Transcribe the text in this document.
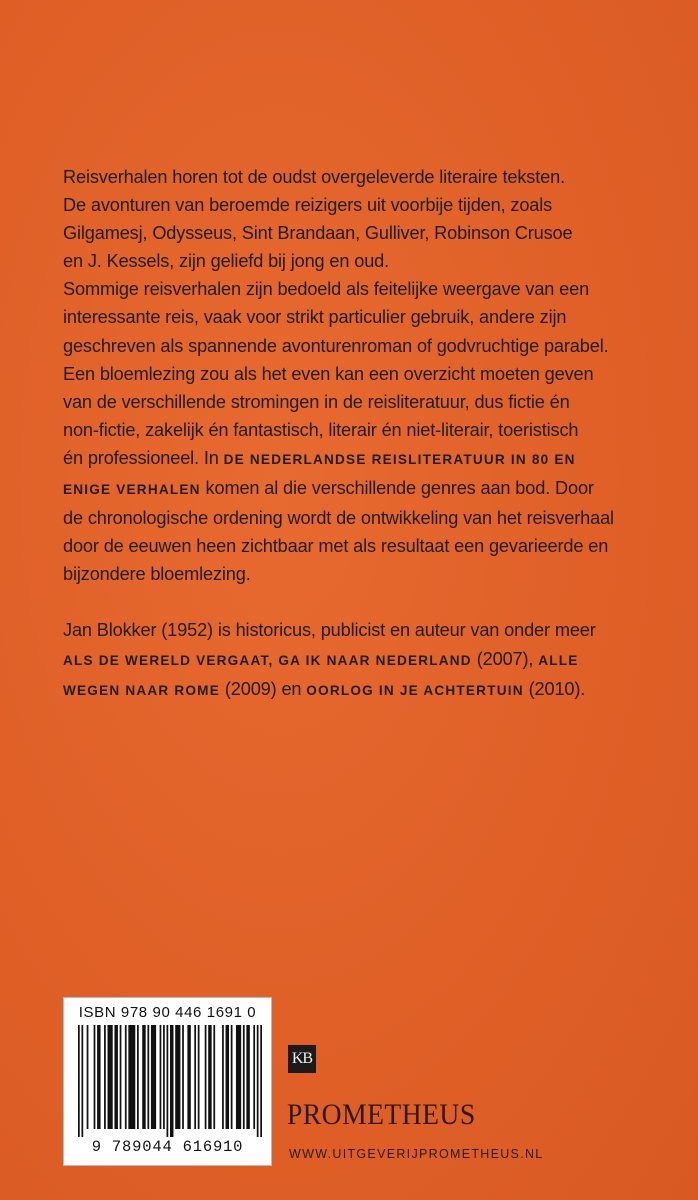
Reisverhalen horen tot de oudst overgeleverde literaire teksten.
De avonturen van beroemde reizigers uit voorbije tijden, zoals
Gilgamesj, Odysseus, Sint Brandaan, Gulliver, Robinson Crusoe
en J. Kessels, zijn geliefd bij jong en oud.

Sommige reisverhalen zijn bedoeld als feitelijke weergave van een
interessante reis, vaak voor strikt particulier gebruik, andere zijn
geschreven als spannende avonturenroman of godvruchtige parabel.
Een bloemlezing zou als het even kan een overzicht moeten geven
van de verschillende stromingen in de reisliteratuur, dus fictie én
non-fictie, zakelijk én fantastisch, literair én niet-literair, toeristisch
én professioneel. In DE NEDERLANDSE REISLITERATUUR IN 80 EN
ENIGE VERHALEN komen al die verschillende genres aan bod. Door
de chronologische ordening wordt de ontwikkeling van het reisverhaal
door de eeuwen heen zichtbaar met als resultaat een gevarieerde en
bijzondere bloemlezing.

Jan Blokker (1952) is historicus, publicist en auteur van onder meer
ALS DE WERELD VERGAAT, GA IK NAAR NEDERLAND (2007), ALLE
WEGEN NAAR ROME (2009) en OORLOG IN JE ACHTERTUIN (2010).

ISBN 978 90 446 1691 0
9 789044 616910
KB
PROMETHEUS
WWW.UITGEVERIJPROMETHEUS.NL
